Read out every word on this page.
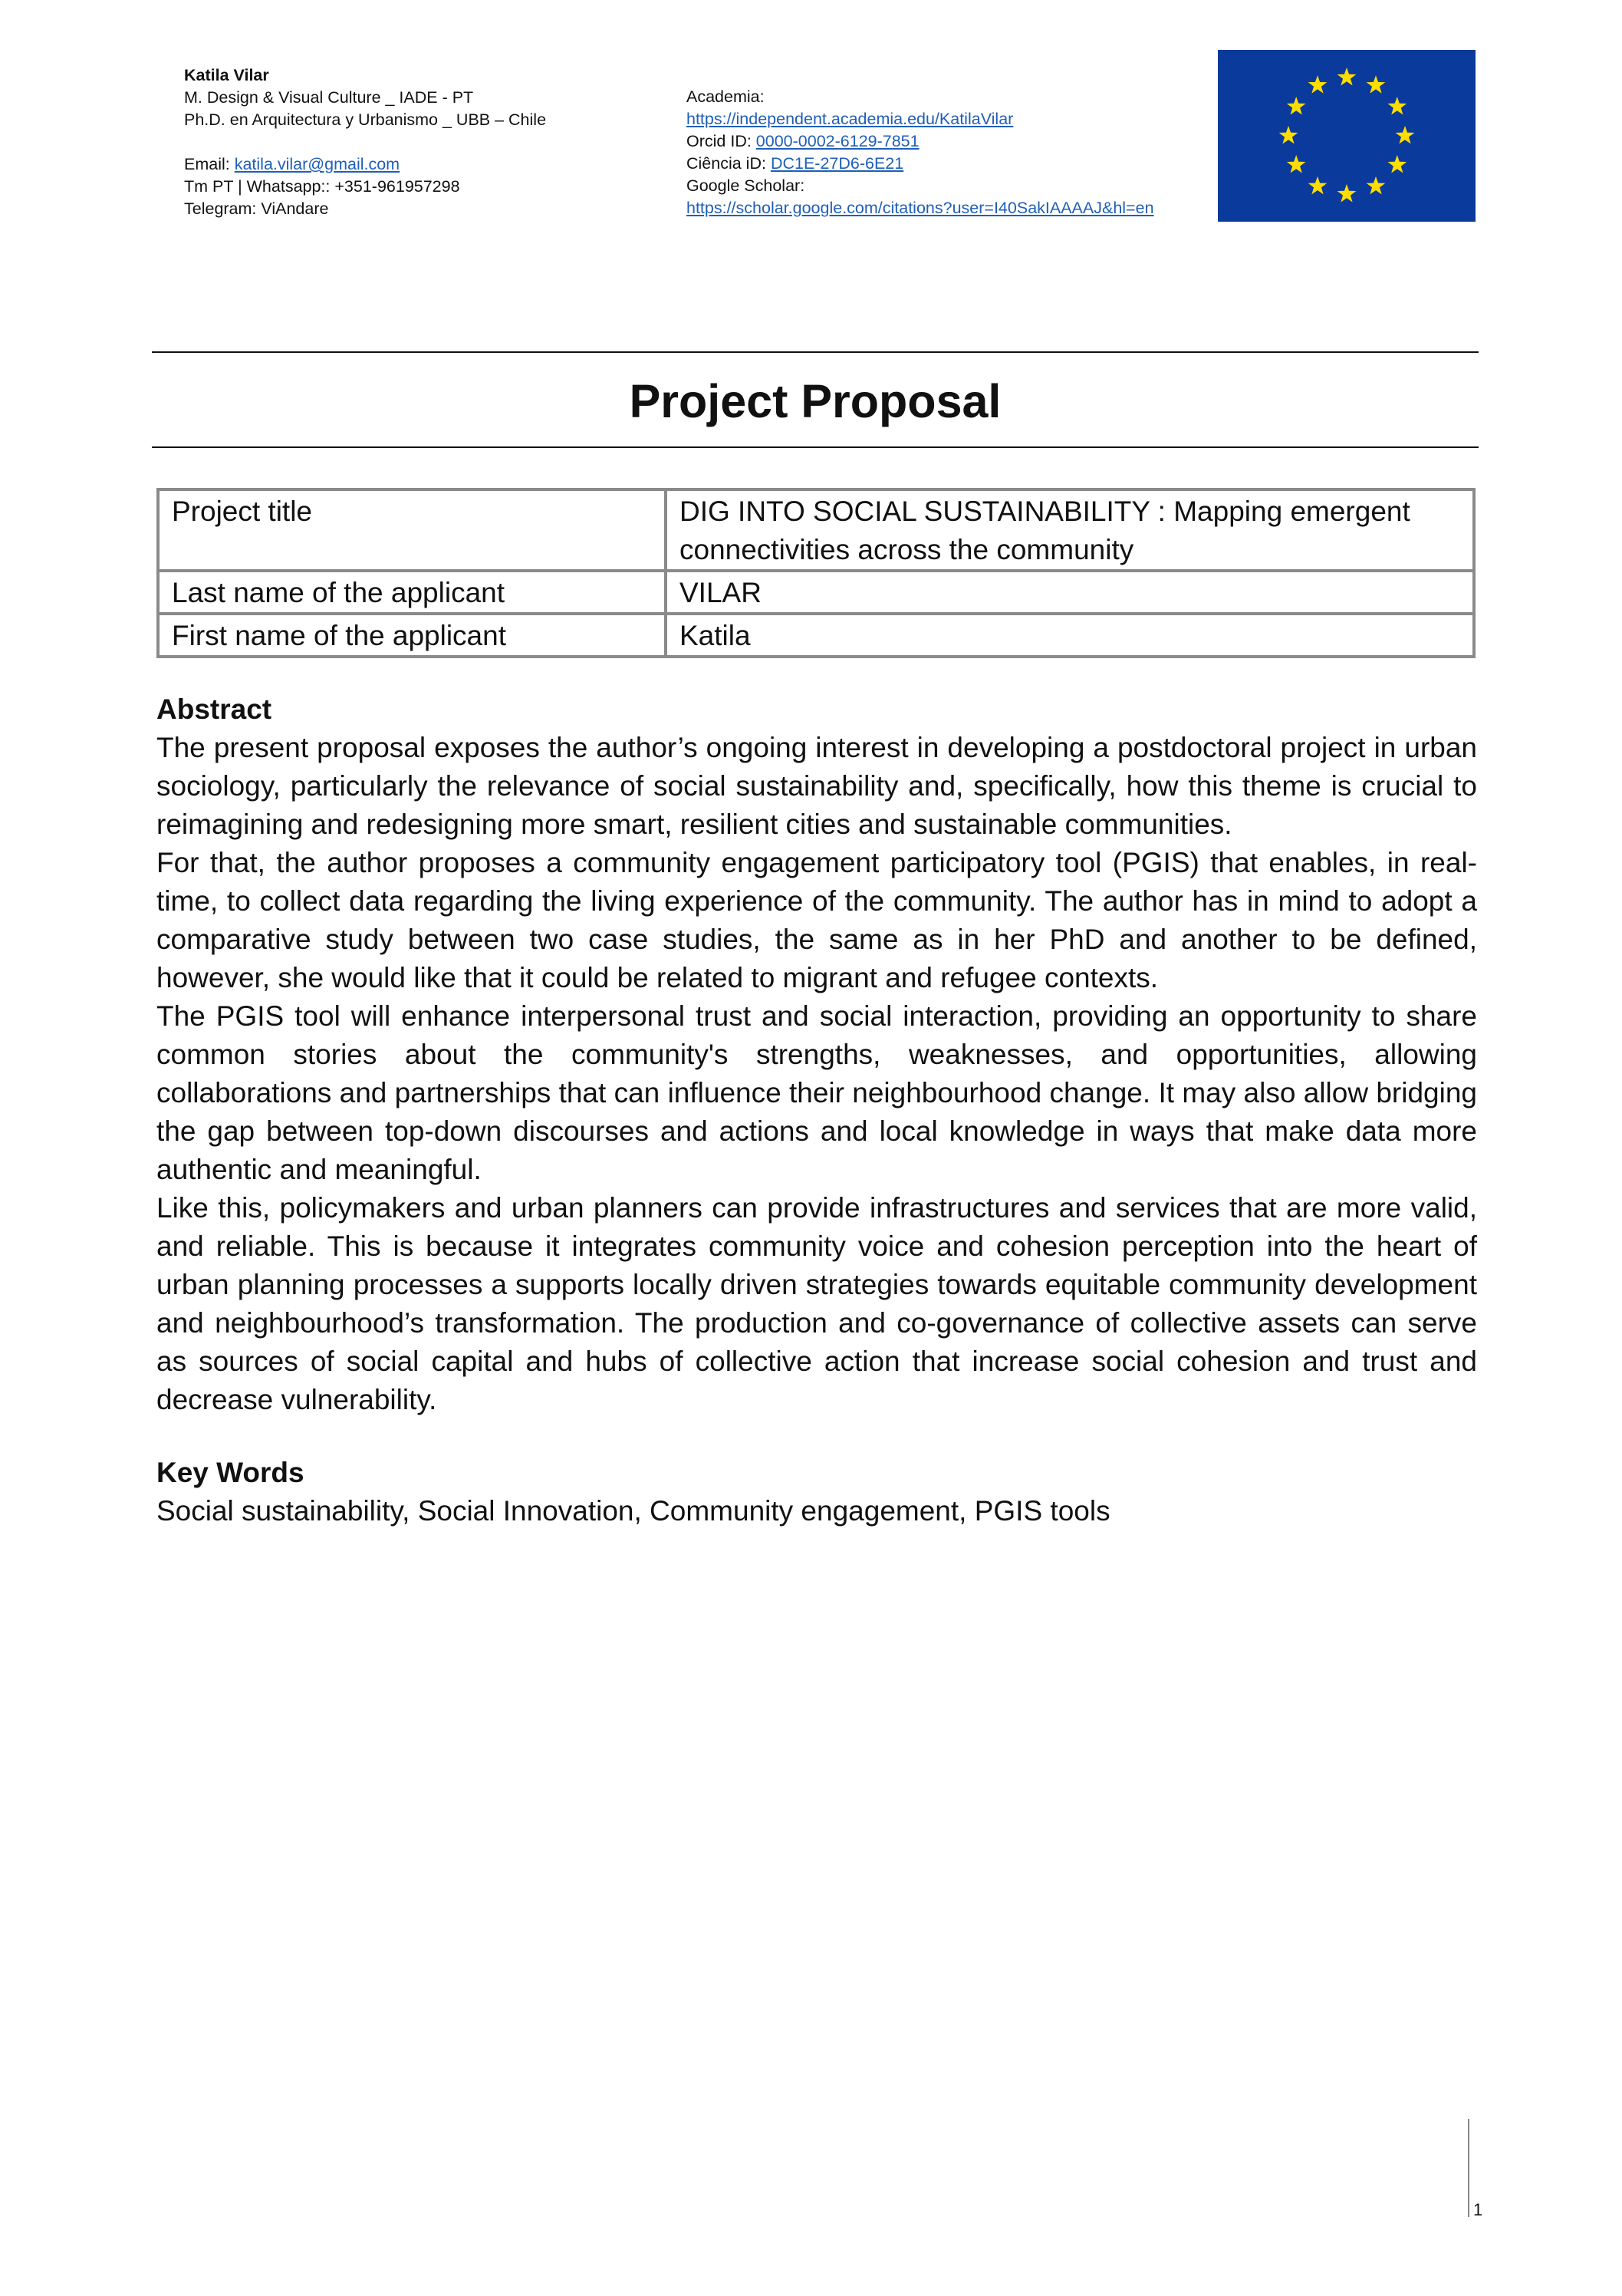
Katila Vilar
M. Design & Visual Culture _ IADE - PT
Ph.D. en Arquitectura y Urbanismo _ UBB – Chile
Email: katila.vilar@gmail.com
Tm PT | Whatsapp:: +351-961957298
Telegram: ViAndare
Academia:
https://independent.academia.edu/KatilaVilar
Orcid ID: 0000-0002-6129-7851
Ciência iD: DC1E-27D6-6E21
Google Scholar:
https://scholar.google.com/citations?user=I40SakIAAAAJ&hl=en
Project Proposal
Project title	DIG INTO SOCIAL SUSTAINABILITY : Mapping emergent connectivities across the community
Last name of the applicant	VILAR
First name of the applicant	Katila
Abstract

The present proposal exposes the author’s ongoing interest in developing a postdoctoral project in urban sociology, particularly the relevance of social sustainability and, specifically, how this theme is crucial to reimagining and redesigning more smart, resilient cities and sustainable communities.

For that, the author proposes a community engagement participatory tool (PGIS) that enables, in real-time, to collect data regarding the living experience of the community. The author has in mind to adopt a comparative study between two case studies, the same as in her PhD and another to be defined, however, she would like that it could be related to migrant and refugee contexts.

The PGIS tool will enhance interpersonal trust and social interaction, providing an opportunity to share common stories about the community's strengths, weaknesses, and opportunities, allowing collaborations and partnerships that can influence their neighbourhood change. It may also allow bridging the gap between top-down discourses and actions and local knowledge in ways that make data more authentic and meaningful.

Like this, policymakers and urban planners can provide infrastructures and services that are more valid, and reliable. This is because it integrates community voice and cohesion perception into the heart of urban planning processes a supports locally driven strategies towards equitable community development and neighbourhood’s transformation. The production and co-governance of collective assets can serve as sources of social capital and hubs of collective action that increase social cohesion and trust and decrease vulnerability.

Key Words

Social sustainability, Social Innovation, Community engagement, PGIS tools

1
